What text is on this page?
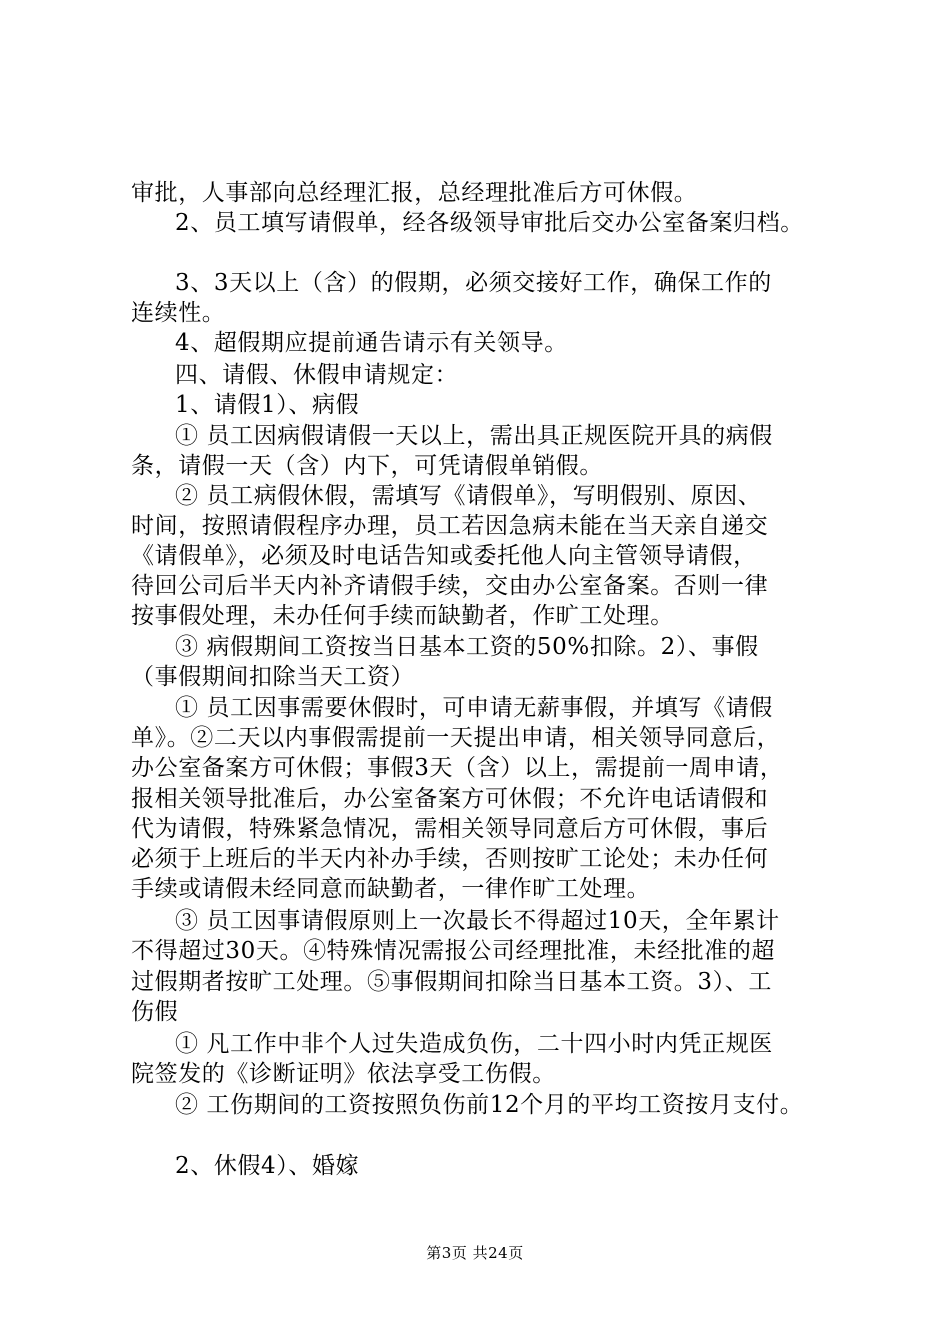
审批，人事部向总经理汇报，总经理批准后方可休假。
2、员工填写请假单，经各级领导审批后交办公室备案归档。
3、3天以上（含）的假期，必须交接好工作，确保工作的
连续性。
4、超假期应提前通告请示有关领导。
四、请假、休假申请规定：
1、请假1）、病假
① 员工因病假请假一天以上，需出具正规医院开具的病假
条，请假一天（含）内下，可凭请假单销假。
② 员工病假休假，需填写《请假单》，写明假别、原因、
时间，按照请假程序办理，员工若因急病未能在当天亲自递交
《请假单》，必须及时电话告知或委托他人向主管领导请假，
待回公司后半天内补齐请假手续，交由办公室备案。否则一律
按事假处理，未办任何手续而缺勤者，作旷工处理。
③ 病假期间工资按当日基本工资的50%扣除。2）、事假
（事假期间扣除当天工资）
① 员工因事需要休假时，可申请无薪事假，并填写《请假
单》。②二天以内事假需提前一天提出申请，相关领导同意后，
办公室备案方可休假；事假3天（含）以上，需提前一周申请，
报相关领导批准后，办公室备案方可休假；不允许电话请假和
代为请假，特殊紧急情况，需相关领导同意后方可休假，事后
必须于上班后的半天内补办手续，否则按旷工论处；未办任何
手续或请假未经同意而缺勤者，一律作旷工处理。
③ 员工因事请假原则上一次最长不得超过10天，全年累计
不得超过30天。④特殊情况需报公司经理批准，未经批准的超
过假期者按旷工处理。⑤事假期间扣除当日基本工资。3）、工
伤假
① 凡工作中非个人过失造成负伤，二十四小时内凭正规医
院签发的《诊断证明》依法享受工伤假。
② 工伤期间的工资按照负伤前12个月的平均工资按月支付。
2、休假4）、婚嫁
第3页 共24页
